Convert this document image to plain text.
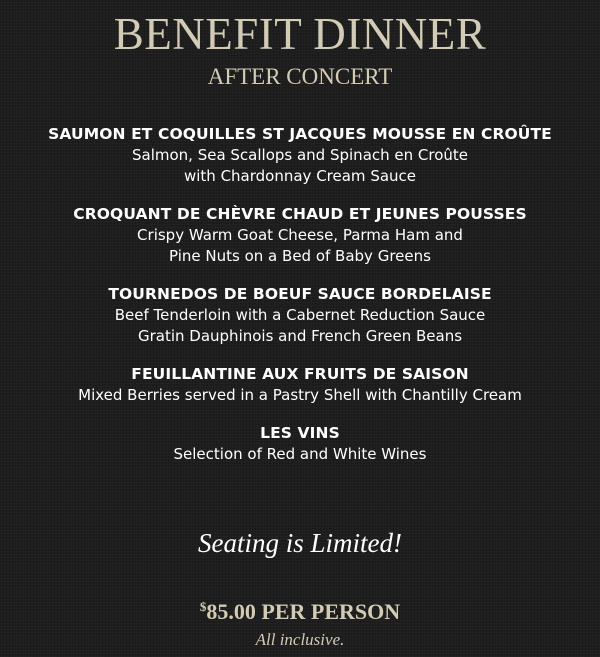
BENEFIT DINNER
AFTER CONCERT
SAUMON ET COQUILLES ST JACQUES MOUSSE EN CROÛTE
Salmon, Sea Scallops and Spinach en Croûte
with Chardonnay Cream Sauce
CROQUANT DE CHÈVRE CHAUD ET JEUNES POUSSES
Crispy Warm Goat Cheese, Parma Ham and
Pine Nuts on a Bed of Baby Greens
TOURNEDOS DE BOEUF SAUCE BORDELAISE
Beef Tenderloin with a Cabernet Reduction Sauce
Gratin Dauphinois and French Green Beans
FEUILLANTINE AUX FRUITS DE SAISON
Mixed Berries served in a Pastry Shell with Chantilly Cream
LES VINS
Selection of Red and White Wines
Seating is Limited!
$85.00 PER PERSON
All inclusive.
